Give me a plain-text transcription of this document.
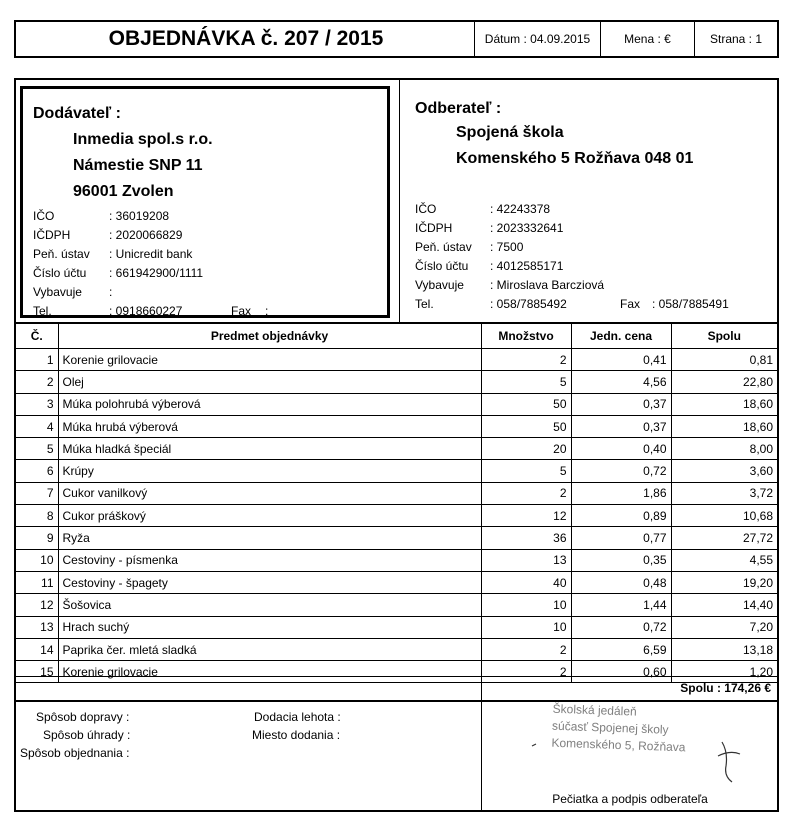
OBJEDNÁVKA č. 207 / 2015	Dátum : 04.09.2015	Mena : €	Strana : 1
Dodávateľ :
Inmedia spol.s r.o.
Námestie SNP 11
96001 Zvolen
IČO	: 36019208
IČDPH	: 2020066829
Peň. ústav : Unicredit bank
Číslo účtu : 661942900/1111
Vybavuje :
Tel.	: 0918660227	Fax :
Odberateľ :
Spojená škola
Komenského 5 Rožňava 048 01
IČO	: 42243378
IČDPH	: 2023332641
Peň. ústav : 7500
Číslo účtu : 4012585171
Vybavuje : Miroslava Barcziová
Tel.	: 058/7885492	Fax : 058/7885491
Č.	Predmet objednávky	Množstvo	Jedn. cena	Spolu
1	Korenie grilovacie	2	0,41	0,81
2	Olej	5	4,56	22,80
3	Múka polohrubá výberová	50	0,37	18,60
4	Múka hrubá výberová	50	0,37	18,60
5	Múka hladká špeciál	20	0,40	8,00
6	Krúpy	5	0,72	3,60
7	Cukor vanilkový	2	1,86	3,72
8	Cukor práškový	12	0,89	10,68
9	Ryža	36	0,77	27,72
10	Cestoviny - písmenka	13	0,35	4,55
11	Cestoviny - špagety	40	0,48	19,20
12	Šošovica	10	1,44	14,40
13	Hrach suchý	10	0,72	7,20
14	Paprika čer. mletá sladká	2	6,59	13,18
15	Korenie grilovacie	2	0,60	1,20
Spolu : 174,26 €
Spôsob dopravy :
Spôsob úhrady :
Spôsob objednania :
Dodacia lehota :
Miesto dodania :
Školská jedáleň
súčasť Spojenej školy
Komenského 5, Rožňava
Pečiatka a podpis odberateľa
